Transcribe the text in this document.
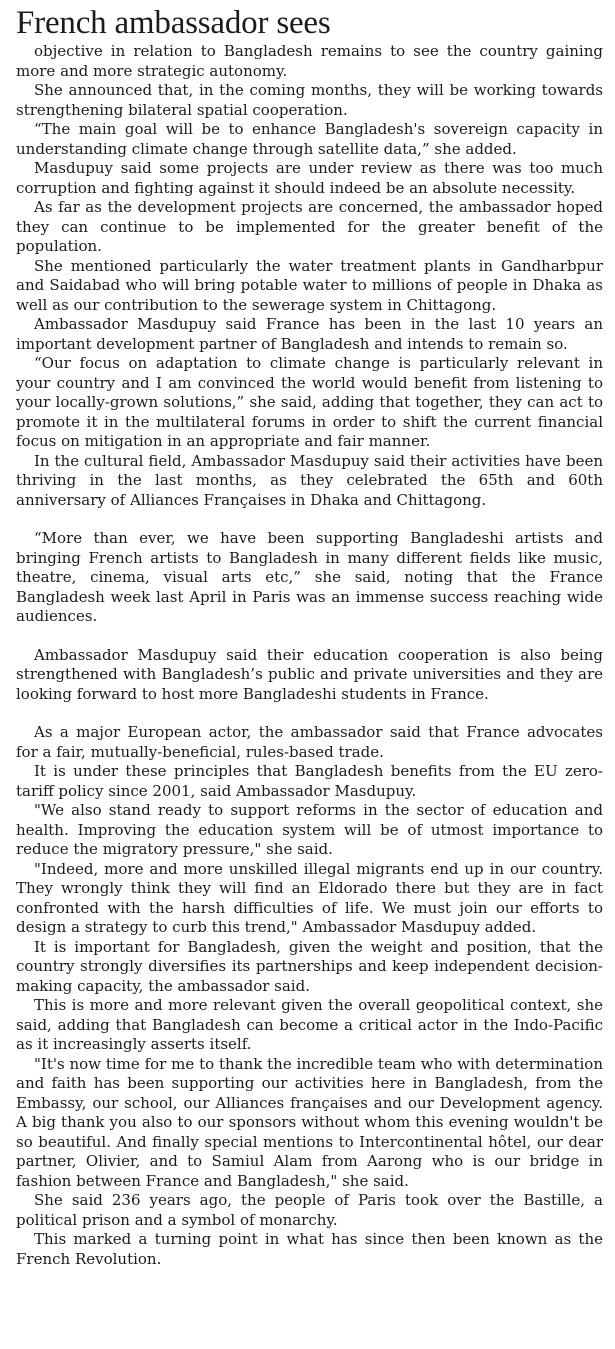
French ambassador sees

objective in relation to Bangladesh remains to see the country gaining more and more strategic autonomy.

She announced that, in the coming months, they will be working towards strengthening bilateral spatial cooperation.

“The main goal will be to enhance Bangladesh's sovereign capacity in understanding climate change through satellite data,” she added.

Masdupuy said some projects are under review as there was too much corruption and fighting against it should indeed be an absolute necessity.

As far as the development projects are concerned, the ambassador hoped they can continue to be implemented for the greater benefit of the population.

She mentioned particularly the water treatment plants in Gandharbpur and Saidabad who will bring potable water to millions of people in Dhaka as well as our contribution to the sewerage system in Chittagong.

Ambassador Masdupuy said France has been in the last 10 years an important development partner of Bangladesh and intends to remain so.

“Our focus on adaptation to climate change is particularly relevant in your country and I am convinced the world would benefit from listening to your locally-grown solutions,” she said, adding that together, they can act to promote it in the multilateral forums in order to shift the current financial focus on mitigation in an appropriate and fair manner.

In the cultural field, Ambassador Masdupuy said their activities have been thriving in the last months, as they celebrated the 65th and 60th anniversary of Alliances Françaises in Dhaka and Chittagong.

“More than ever, we have been supporting Bangladeshi artists and bringing French artists to Bangladesh in many different fields like music, theatre, cinema, visual arts etc,” she said, noting that the France Bangladesh week last April in Paris was an immense success reaching wide audiences.

Ambassador Masdupuy said their education cooperation is also being strengthened with Bangladesh’s public and private universities and they are looking forward to host more Bangladeshi students in France.

As a major European actor, the ambassador said that France advocates for a fair, mutually-beneficial, rules-based trade.

It is under these principles that Bangladesh benefits from the EU zero-tariff policy since 2001, said Ambassador Masdupuy.

"We also stand ready to support reforms in the sector of education and health. Improving the education system will be of utmost importance to reduce the migratory pressure," she said.

"Indeed, more and more unskilled illegal migrants end up in our country. They wrongly think they will find an Eldorado there but they are in fact confronted with the harsh difficulties of life. We must join our efforts to design a strategy to curb this trend," Ambassador Masdupuy added.

It is important for Bangladesh, given the weight and position, that the country strongly diversifies its partnerships and keep independent decision-making capacity, the ambassador said.

This is more and more relevant given the overall geopolitical context, she said, adding that Bangladesh can become a critical actor in the Indo-Pacific as it increasingly asserts itself.

"It's now time for me to thank the incredible team who with determination and faith has been supporting our activities here in Bangladesh, from the Embassy, our school, our Alliances françaises and our Development agency. A big thank you also to our sponsors without whom this evening wouldn't be so beautiful. And finally special mentions to Intercontinental hôtel, our dear partner, Olivier, and to Samiul Alam from Aarong who is our bridge in fashion between France and Bangladesh," she said.

She said 236 years ago, the people of Paris took over the Bastille, a political prison and a symbol of monarchy.

This marked a turning point in what has since then been known as the French Revolution.
